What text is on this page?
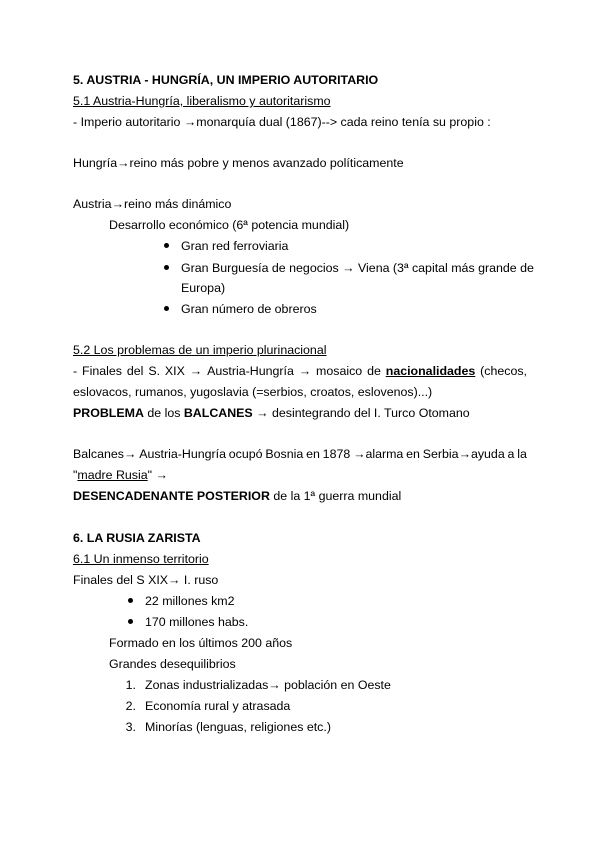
5. AUSTRIA - HUNGRÍA, UN IMPERIO AUTORITARIO
5.1 Austria-Hungría, liberalismo y autoritarismo
- Imperio autoritario →monarquía dual (1867)--> cada reino tenía su propio :
Hungría→reino más pobre y menos avanzado políticamente
Austria→reino más dinámico
Desarrollo económico (6ª potencia mundial)
Gran red ferroviaria
Gran Burguesía de negocios → Viena (3ª capital más grande de
Europa)
Gran número de obreros
5.2 Los problemas de un imperio plurinacional
- Finales del S. XIX → Austria-Hungría → mosaico de nacionalidades (checos,
eslovacos, rumanos, yugoslavia (=serbios, croatos, eslovenos)...)
PROBLEMA de los BALCANES → desintegrando del I. Turco Otomano
Balcanes→ Austria-Hungría ocupó Bosnia en 1878 →alarma en Serbia→ayuda a la
"madre Rusia" →
DESENCADENANTE POSTERIOR de la 1ª guerra mundial
6. LA RUSIA ZARISTA
6.1 Un inmenso territorio
Finales del S XIX→ I. ruso
22 millones km2
170 millones habs.
Formado en los últimos 200 años
Grandes desequilibrios
1. Zonas industrializadas→ población en Oeste
2. Economía rural y atrasada
3. Minorías (lenguas, religiones etc.)
